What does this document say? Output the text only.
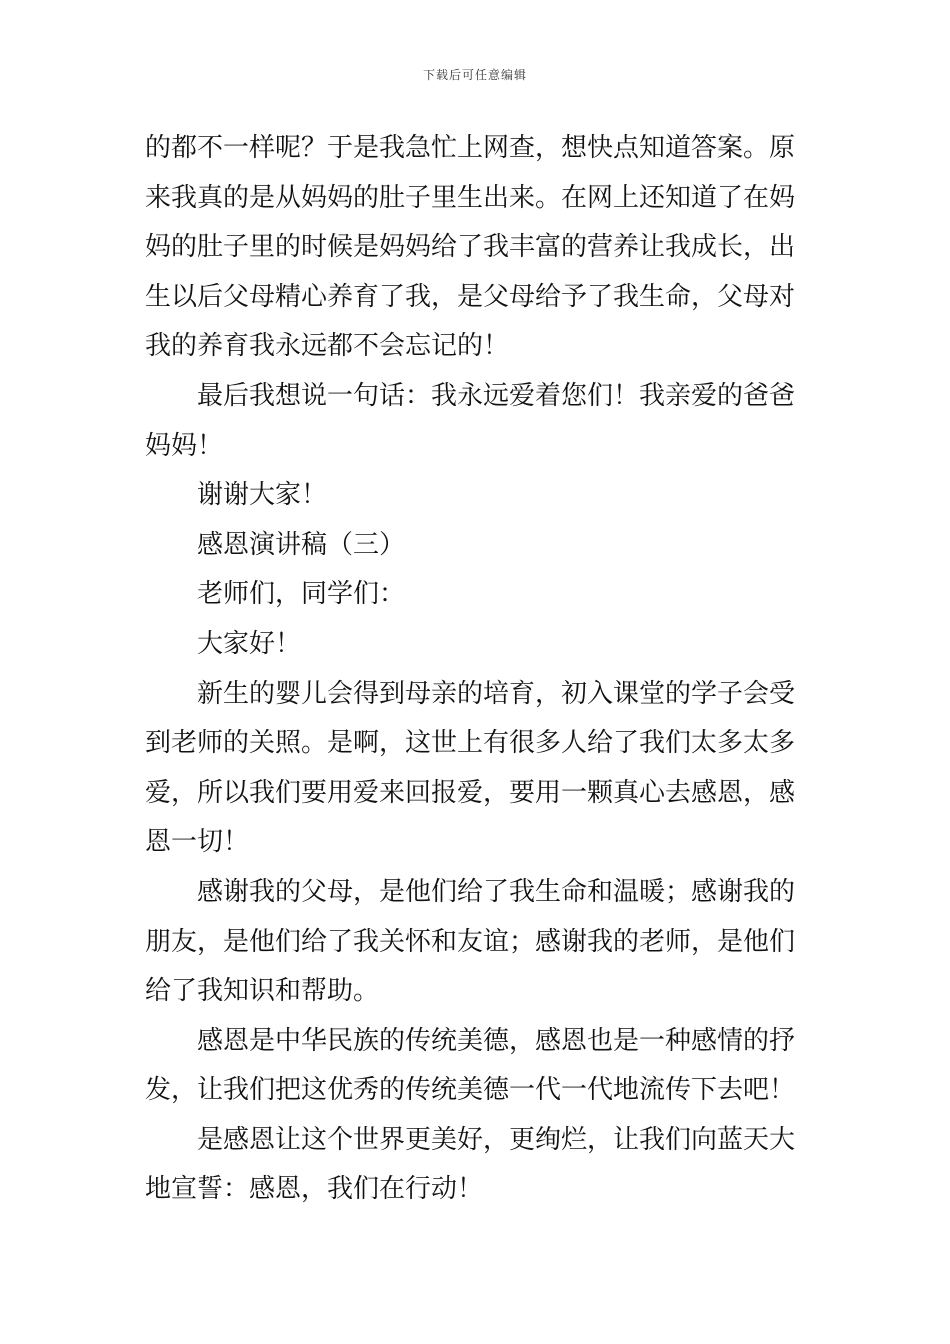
下载后可任意编辑
的都不一样呢？于是我急忙上网查，想快点知道答案。原
来我真的是从妈妈的肚子里生出来。在网上还知道了在妈
妈的肚子里的时候是妈妈给了我丰富的营养让我成长，出
生以后父母精心养育了我，是父母给予了我生命，父母对
我的养育我永远都不会忘记的！
最后我想说一句话：我永远爱着您们！我亲爱的爸爸
妈妈！
谢谢大家！
感恩演讲稿（三）
老师们，同学们：
大家好！
新生的婴儿会得到母亲的培育，初入课堂的学子会受
到老师的关照。是啊，这世上有很多人给了我们太多太多
爱，所以我们要用爱来回报爱，要用一颗真心去感恩，感
恩一切！
感谢我的父母，是他们给了我生命和温暖；感谢我的
朋友，是他们给了我关怀和友谊；感谢我的老师，是他们
给了我知识和帮助。
感恩是中华民族的传统美德，感恩也是一种感情的抒
发，让我们把这优秀的传统美德一代一代地流传下去吧！
是感恩让这个世界更美好，更绚烂，让我们向蓝天大
地宣誓：感恩，我们在行动！
